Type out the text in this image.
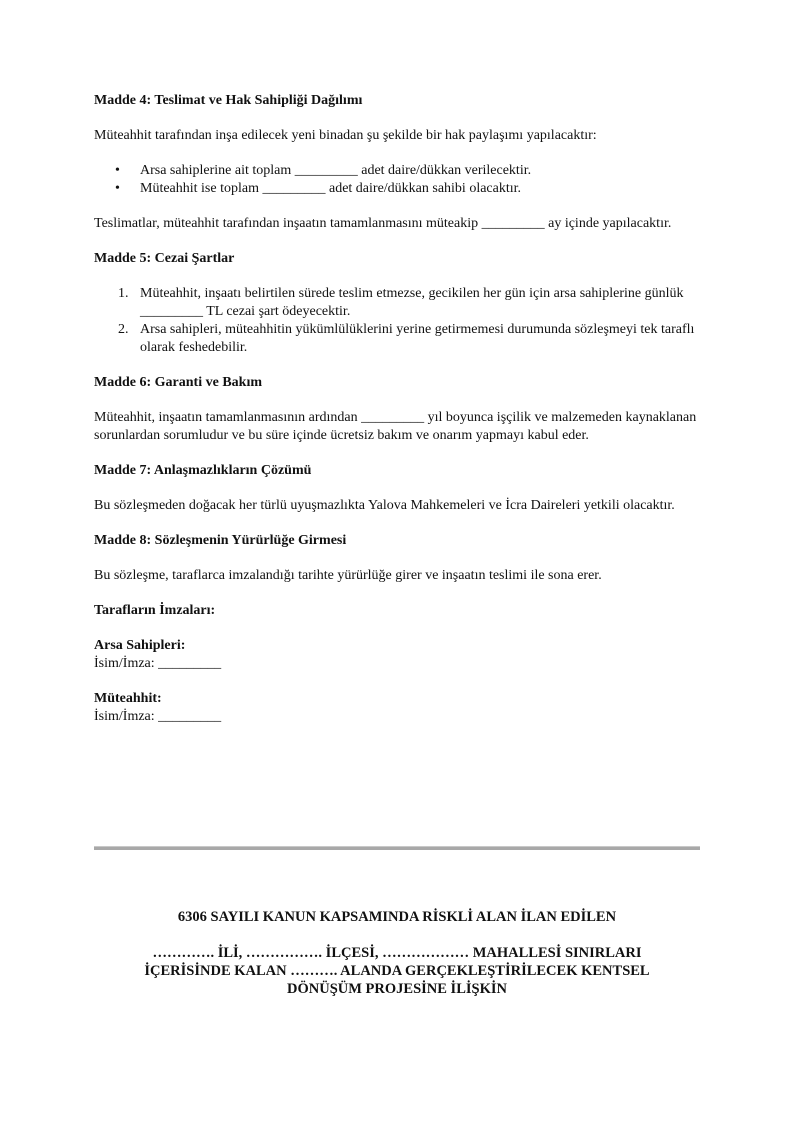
Madde 4: Teslimat ve Hak Sahipliği Dağılımı
Müteahhit tarafından inşa edilecek yeni binadan şu şekilde bir hak paylaşımı yapılacaktır:
• Arsa sahiplerine ait toplam _________ adet daire/dükkan verilecektir.
• Müteahhit ise toplam _________ adet daire/dükkan sahibi olacaktır.
Teslimatlar, müteahhit tarafından inşaatın tamamlanmasını müteakip _________ ay içinde yapılacaktır.
Madde 5: Cezai Şartlar
1. Müteahhit, inşaatı belirtilen sürede teslim etmezse, gecikilen her gün için arsa sahiplerine günlük _________ TL cezai şart ödeyecektir.
2. Arsa sahipleri, müteahhitin yükümlülüklerini yerine getirmemesi durumunda sözleşmeyi tek taraflı olarak feshedebilir.
Madde 6: Garanti ve Bakım
Müteahhit, inşaatın tamamlanmasının ardından _________ yıl boyunca işçilik ve malzemeden kaynaklanan sorunlardan sorumludur ve bu süre içinde ücretsiz bakım ve onarım yapmayı kabul eder.
Madde 7: Anlaşmazlıkların Çözümü
Bu sözleşmeden doğacak her türlü uyuşmazlıkta Yalova Mahkemeleri ve İcra Daireleri yetkili olacaktır.
Madde 8: Sözleşmenin Yürürlüğe Girmesi
Bu sözleşme, taraflarca imzalandığı tarihte yürürlüğe girer ve inşaatın teslimi ile sona erer.
Tarafların İmzaları:
Arsa Sahipleri:
İsim/İmza: _________
Müteahhit:
İsim/İmza: _________
6306 SAYILI KANUN KAPSAMINDA RİSKLİ ALAN İLAN EDİLEN
…………. İLİ, ……………. İLÇESİ, ……………… MAHALLESİ SINIRLARI
İÇERİSİNDE KALAN ………. ALANDA GERÇEKLEŞTİRİLECEK KENTSEL
DÖNÜŞÜM PROJESİNE İLİŞKİN
